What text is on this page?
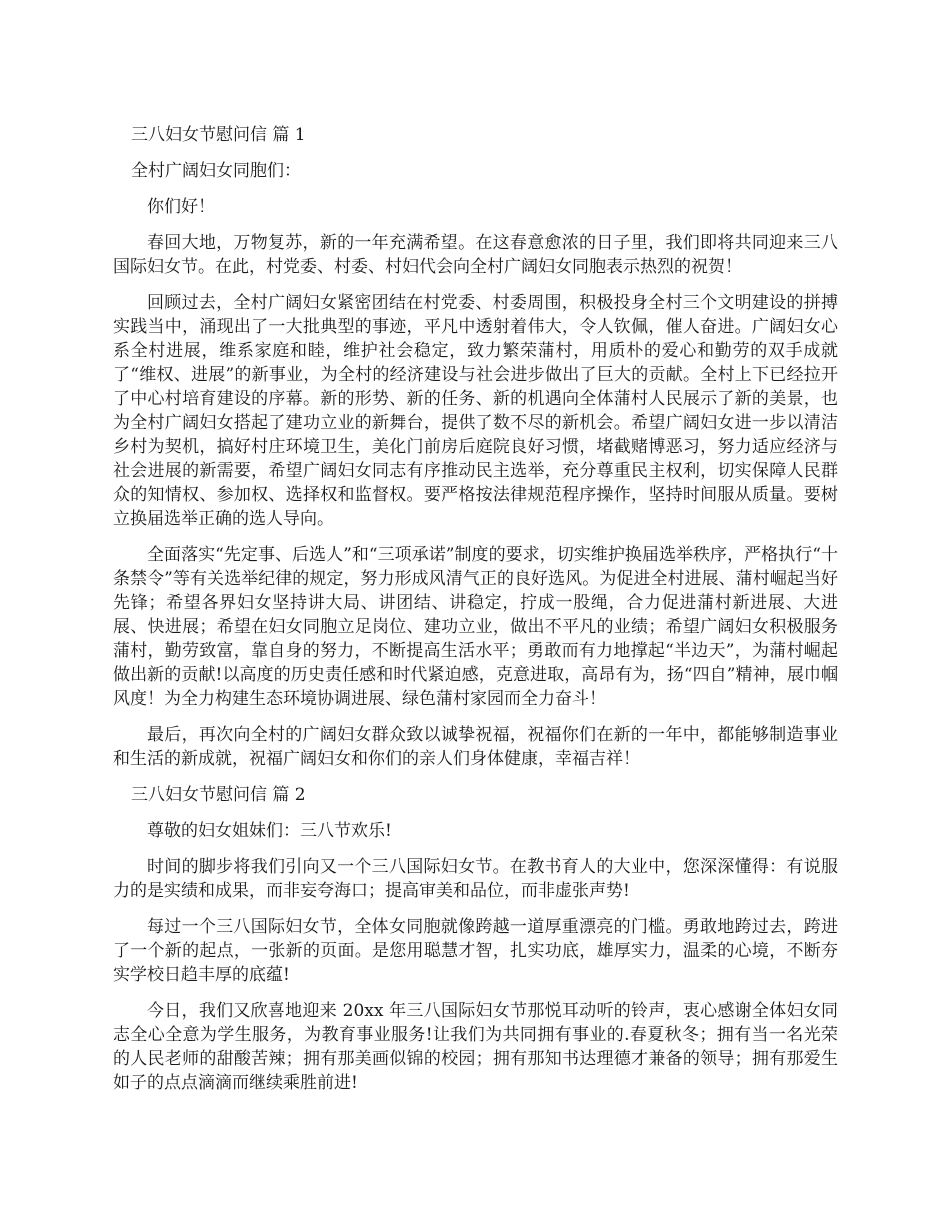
三八妇女节慰问信 篇 1
全村广阔妇女同胞们：

你们好！

春回大地，万物复苏，新的一年充满希望。在这春意愈浓的日子里，我们即将共同迎来三八国际妇女节。在此，村党委、村委、村妇代会向全村广阔妇女同胞表示热烈的祝贺！

回顾过去，全村广阔妇女紧密团结在村党委、村委周围，积极投身全村三个文明建设的拼搏实践当中，涌现出了一大批典型的事迹，平凡中透射着伟大，令人钦佩，催人奋进。广阔妇女心系全村进展，维系家庭和睦，维护社会稳定，致力繁荣蒲村，用质朴的爱心和勤劳的双手成就了“维权、进展”的新事业，为全村的经济建设与社会进步做出了巨大的贡献。全村上下已经拉开了中心村培育建设的序幕。新的形势、新的任务、新的机遇向全体蒲村人民展示了新的美景，也为全村广阔妇女搭起了建功立业的新舞台，提供了数不尽的新机会。希望广阔妇女进一步以清洁乡村为契机，搞好村庄环境卫生，美化门前房后庭院良好习惯，堵截赌博恶习，努力适应经济与社会进展的新需要，希望广阔妇女同志有序推动民主选举，充分尊重民主权利，切实保障人民群众的知情权、参加权、选择权和监督权。要严格按法律规范程序操作，坚持时间服从质量。要树立换届选举正确的选人导向。

全面落实“先定事、后选人”和“三项承诺”制度的要求，切实维护换届选举秩序，严格执行“十条禁令”等有关选举纪律的规定，努力形成风清气正的良好选风。为促进全村进展、蒲村崛起当好先锋；希望各界妇女坚持讲大局、讲团结、讲稳定，拧成一股绳，合力促进蒲村新进展、大进展、快进展；希望在妇女同胞立足岗位、建功立业，做出不平凡的业绩；希望广阔妇女积极服务蒲村，勤劳致富，靠自身的努力，不断提高生活水平；勇敢而有力地撑起“半边天”，为蒲村崛起做出新的贡献!以高度的历史责任感和时代紧迫感，克意进取，高昂有为，扬“四自”精神，展巾帼风度！为全力构建生态环境协调进展、绿色蒲村家园而全力奋斗！

最后，再次向全村的广阔妇女群众致以诚挚祝福，祝福你们在新的一年中，都能够制造事业和生活的新成就，祝福广阔妇女和你们的亲人们身体健康，幸福吉祥！

三八妇女节慰问信 篇 2

尊敬的妇女姐妹们：三八节欢乐!

时间的脚步将我们引向又一个三八国际妇女节。在教书育人的大业中，您深深懂得：有说服力的是实绩和成果，而非妄夸海口；提高审美和品位，而非虚张声势!

每过一个三八国际妇女节，全体女同胞就像跨越一道厚重漂亮的门槛。勇敢地跨过去，跨进了一个新的起点，一张新的页面。是您用聪慧才智，扎实功底，雄厚实力，温柔的心境，不断夯实学校日趋丰厚的底蕴!

今日，我们又欣喜地迎来 20xx 年三八国际妇女节那悦耳动听的铃声，衷心感谢全体妇女同志全心全意为学生服务，为教育事业服务!让我们为共同拥有事业的.春夏秋冬；拥有当一名光荣的人民老师的甜酸苦辣；拥有那美画似锦的校园；拥有那知书达理德才兼备的领导；拥有那爱生如子的点点滴滴而继续乘胜前进!
